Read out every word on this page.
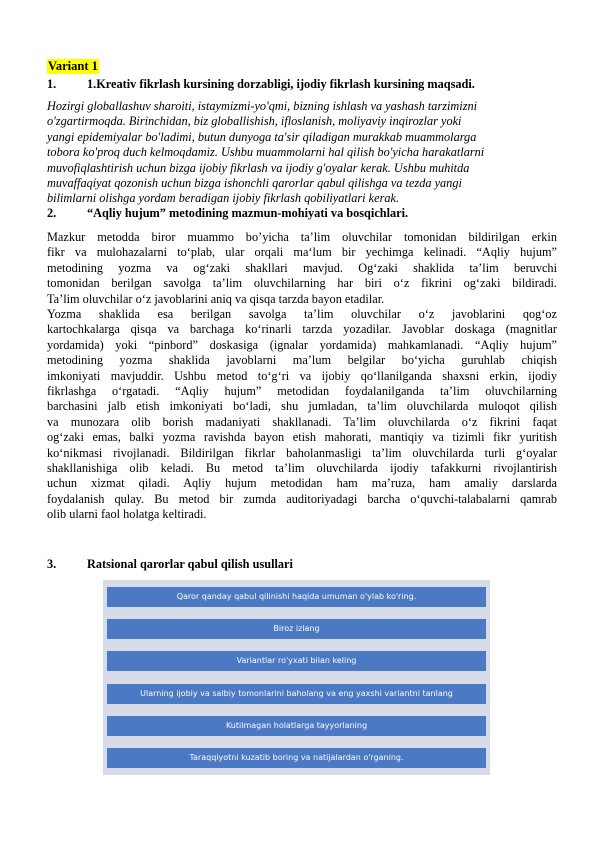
Variant 1
1.	1.Kreativ fikrlash kursining dorzabligi, ijodiy fikrlash kursining maqsadi.
Hozirgi globallashuv sharoiti, istaymizmi-yo'qmi, bizning ishlash va yashash tarzimizni
o'zgartirmoqda. Birinchidan, biz globallishish, ifloslanish, moliyaviy inqirozlar yoki
yangi epidemiyalar bo'ladimi, butun dunyoga ta'sir qiladigan murakkab muammolarga
tobora ko'proq duch kelmoqdamiz. Ushbu muammolarni hal qilish bo'yicha harakatlarni
muvofiqlashtirish uchun bizga ijobiy fikrlash va ijodiy g'oyalar kerak. Ushbu muhitda
muvaffaqiyat qozonish uchun bizga ishonchli qarorlar qabul qilishga va tezda yangi
bilimlarni olishga yordam beradigan ijobiy fikrlash qobiliyatlari kerak.
2.	“Aqliy hujum” metodining mazmun-mohiyati va bosqichlari.
Mazkur metodda biror muammo bo’yicha ta’lim oluvchilar tomonidan bildirilgan erkin
fikr va mulohazalarni to‘plab, ular orqali ma‘lum bir yechimga kelinadi. “Aqliy hujum”
metodining yozma va og‘zaki shakllari mavjud. Og‘zaki shaklida ta’lim beruvchi
tomonidan berilgan savolga ta’lim oluvchilarning har biri o‘z fikrini og‘zaki bildiradi.
Ta’lim oluvchilar o‘z javoblarini aniq va qisqa tarzda bayon etadilar.
Yozma shaklida esa berilgan savolga ta’lim oluvchilar o‘z javoblarini qog‘oz
kartochkalarga qisqa va barchaga ko‘rinarli tarzda yozadilar. Javoblar doskaga (magnitlar
yordamida) yoki “pinbord” doskasiga (ignalar yordamida) mahkamlanadi. “Aqliy hujum”
metodining yozma shaklida javoblarni ma’lum belgilar bo‘yicha guruhlab chiqish
imkoniyati mavjuddir. Ushbu metod to‘g‘ri va ijobiy qo‘llanilganda shaxsni erkin, ijodiy
fikrlashga o‘rgatadi. “Aqliy hujum” metodidan foydalanilganda ta’lim oluvchilarning
barchasini jalb etish imkoniyati bo‘ladi, shu jumladan, ta’lim oluvchilarda muloqot qilish
va munozara olib borish madaniyati shakllanadi. Ta’lim oluvchilarda o‘z fikrini faqat
og‘zaki emas, balki yozma ravishda bayon etish mahorati, mantiqiy va tizimli fikr yuritish
ko‘nikmasi rivojlanadi. Bildirilgan fikrlar baholanmasligi ta’lim oluvchilarda turli g‘oyalar
shakllanishiga olib keladi. Bu metod ta’lim oluvchilarda ijodiy tafakkurni rivojlantirish
uchun xizmat qiladi. Aqliy hujum metodidan ham ma’ruza, ham amaliy darslarda
foydalanish qulay. Bu metod bir zumda auditoriyadagi barcha o‘quvchi-talabalarni qamrab
olib ularni faol holatga keltiradi.
3.	Ratsional qarorlar qabul qilish usullari
Qaror qanday qabul qilinishi haqida umuman o'ylab ko'ring.
Biroz izlang
Variantlar ro'yxati bilan keling
Ularning ijobiy va salbiy tomonlarini baholang va eng yaxshi variantni tanlang
Kutilmagan holatlarga tayyorlaning
Taraqqiyotni kuzatib boring va natijalardan o'rganing.
